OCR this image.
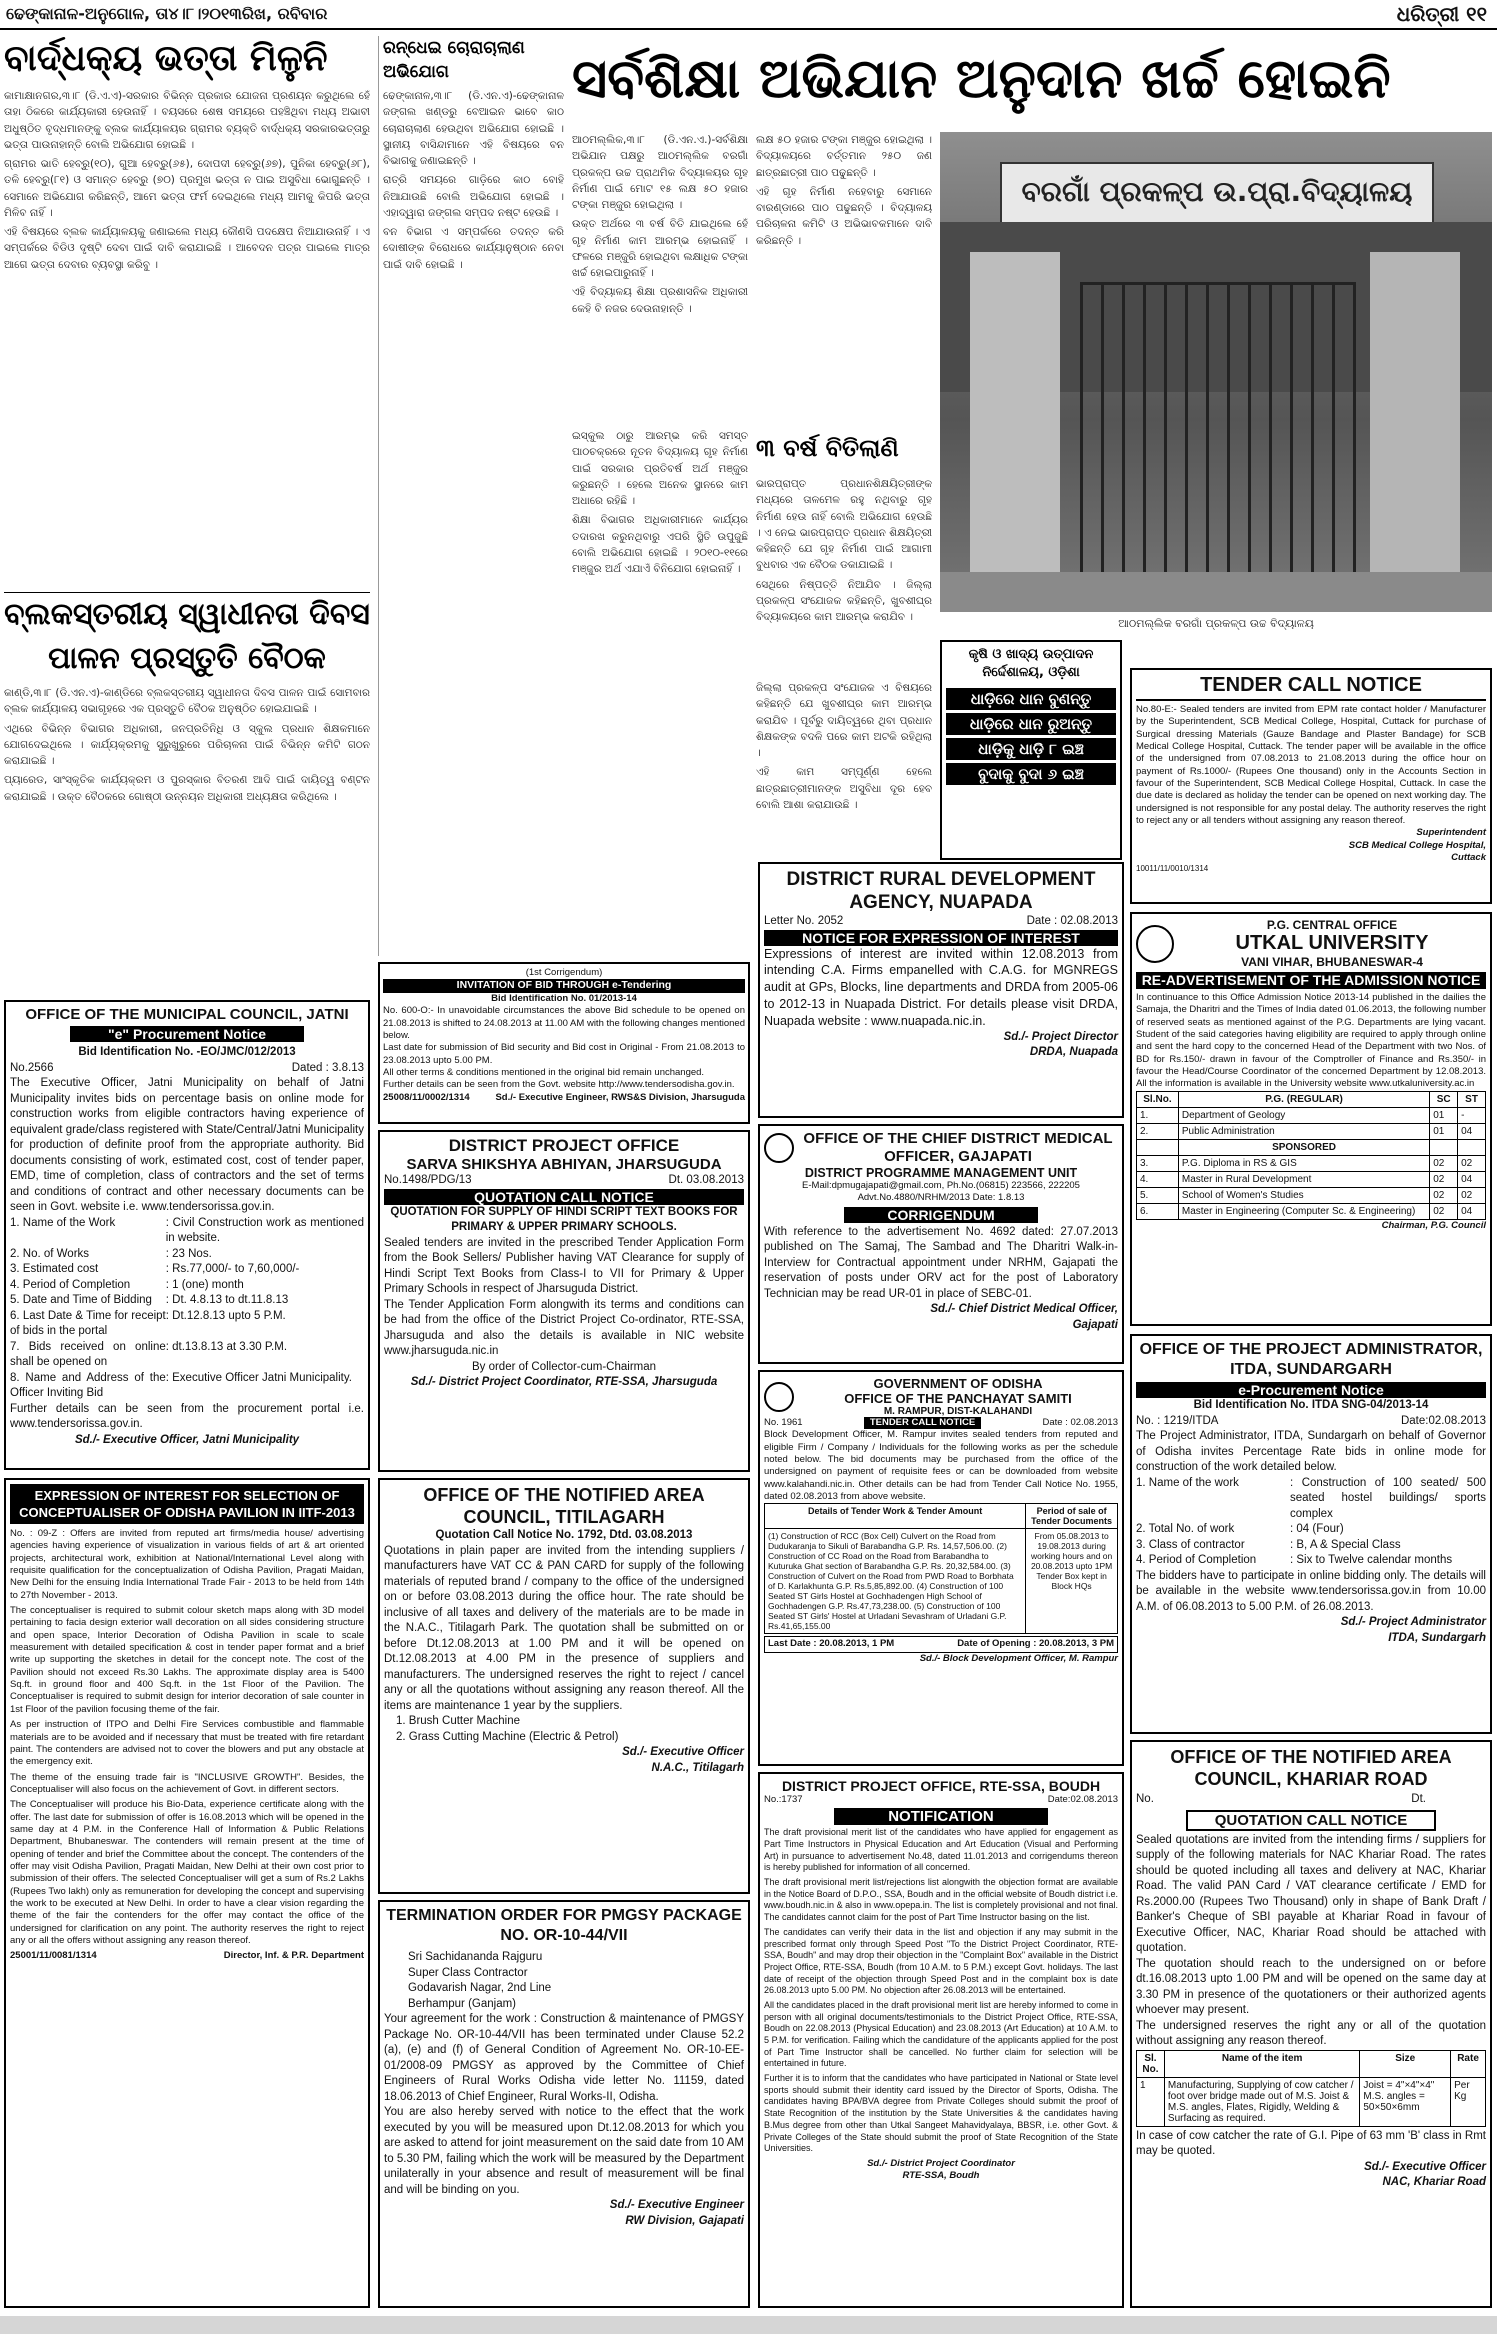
ଢେଙ୍କାନାଳ-ଅନୁଗୋଳ, ତା୪।୮।୨୦୧୩ରିଖ, ରବିବାର	ଧରିତ୍ରୀ ୧୧
ବାର୍ଦ୍ଧକ୍ୟ ଭତ୍ତା ମିଳୁନି

କାମାକ୍ଷାନଗର,୩।୮ (ଡି.ଏ.ଏ)-ସରକାର ବିଭିନ୍ନ ପ୍ରକାର ଯୋଜନା ପ୍ରଣୟନ କରୁଥିଲେ ହେଁ ତାହା ଠିକରେ କାର୍ଯ୍ୟକାରୀ ହେଉନାହିଁ । ବୟସରେ ଶେଷ ସମୟରେ ପହଞ୍ଚିଥିବା ମଧ୍ୟ ଅଭାବୀ ଅଧୁଷ୍ଠିତ ବୃଦ୍ଧମାନଙ୍କୁ ବ୍ଲକ କାର୍ଯ୍ୟାଳୟର ଗ୍ରାମର ବ୍ୟକ୍ତି ବାର୍ଦ୍ଧକ୍ୟ ସରକାରଭତ୍ତାରୁ ଭତ୍ତା ପାଉନାହାନ୍ତି ବୋଲି ଅଭିଯୋଗ ହୋଇଛି ।

ଗ୍ରାମର ଭାତି ହେବ୍ରୁ(୧୦), ଗୁଆ ହେବ୍ରୁ(୬୫), ଦୋପଦୀ ହେବ୍ରୁ(୬୭), ପୁନିକା ହେବ୍ରୁ(୬୮), ତଳି ହେବ୍ରୁ(୮୧) ଓ ସମାନ୍ତ ହେବ୍ରୁ (୭୦) ପ୍ରମୁଖ ଭତ୍ତା ନ ପାଇ ଅସୁବିଧା ଭୋଗୁଛନ୍ତି । ସେମାନେ ଅଭିଯୋଗ କରିଛନ୍ତି, ଆମେ ଭତ୍ତା ଫର୍ମ ଦେଇଥିଲେ ମଧ୍ୟ ଆମକୁ କିପରି ଭତ୍ତା ମିଳିବ ନାହିଁ ।

ଏହି ବିଷୟରେ ବ୍ଲକ କାର୍ଯ୍ୟାଳୟକୁ ଜଣାଇଲେ ମଧ୍ୟ କୌଣସି ପଦକ୍ଷେପ ନିଆଯାଉନାହିଁ । ଏ ସମ୍ପର୍କରେ ବିଡିଓ ଦୃଷ୍ଟି ଦେବା ପାଇଁ ଦାବି କରାଯାଇଛି । ଆବେଦନ ପତ୍ର ପାଇଲେ ମାତ୍ର ଆଗେ ଭତ୍ତା ଦେବାର ବ୍ୟବସ୍ଥା କରିବୁ ।

ବ୍ଲକସ୍ତରୀୟ ସ୍ୱାଧୀନତା ଦିବସ ପାଳନ ପ୍ରସ୍ତୁତି ବୈଠକ

କାଣ୍ଡି,୩।୮ (ଡି.ଏନ.ଏ)-କାଣ୍ଡିରେ ବ୍ଲକସ୍ତରୀୟ ସ୍ୱାଧୀନତା ଦିବସ ପାଳନ ପାଇଁ ସୋମବାର ବ୍ଲକ କାର୍ଯ୍ୟାଳୟ ସଭାଗୃହରେ ଏକ ପ୍ରସ୍ତୁତି ବୈଠକ ଅନୁଷ୍ଠିତ ହୋଇଯାଇଛି ।

ଏଥିରେ ବିଭିନ୍ନ ବିଭାଗର ଅଧିକାରୀ, ଜନପ୍ରତିନିଧି ଓ ସ୍କୁଲ ପ୍ରଧାନ ଶିକ୍ଷକମାନେ ଯୋଗଦେଇଥିଲେ । କାର୍ଯ୍ୟକ୍ରମକୁ ସୁରୁଖୁରୁରେ ପରିଚାଳନା ପାଇଁ ବିଭିନ୍ନ କମିଟି ଗଠନ କରାଯାଇଛି ।

ପ୍ୟାରେଡ, ସାଂସ୍କୃତିକ କାର୍ଯ୍ୟକ୍ରମ ଓ ପୁରସ୍କାର ବିତରଣ ଆଦି ପାଇଁ ଦାୟିତ୍ୱ ବଣ୍ଟନ କରାଯାଇଛି । ଉକ୍ତ ବୈଠକରେ ଗୋଷ୍ଠୀ ଉନ୍ନୟନ ଅଧିକାରୀ ଅଧ୍ୟକ୍ଷତା କରିଥିଲେ ।

ରନ୍ଧେଇ ଚୋରାଚାଲାଣ ଅଭିଯୋଗ

ଢେଙ୍କାନାଳ,୩।୮ (ଡି.ଏନ.ଏ)-ଢେଙ୍କାନାଳ ଜଙ୍ଗଲ ଖଣ୍ଡରୁ ବେଆଇନ ଭାବେ କାଠ ଚୋରାଚାଲାଣ ହେଉଥିବା ଅଭିଯୋଗ ହୋଇଛି । ସ୍ଥାନୀୟ ବାସିନ୍ଦାମାନେ ଏହି ବିଷୟରେ ବନ ବିଭାଗକୁ ଜଣାଇଛନ୍ତି ।

ରାତ୍ରି ସମୟରେ ଗାଡ଼ିରେ କାଠ ବୋହି ନିଆଯାଉଛି ବୋଲି ଅଭିଯୋଗ ହୋଇଛି । ଏହାଦ୍ୱାରା ଜଙ୍ଗଲ ସମ୍ପଦ ନଷ୍ଟ ହେଉଛି ।

ବନ ବିଭାଗ ଏ ସମ୍ପର୍କରେ ତଦନ୍ତ କରି ଦୋଷୀଙ୍କ ବିରୋଧରେ କାର୍ଯ୍ୟାନୁଷ୍ଠାନ ନେବା ପାଇଁ ଦାବି ହୋଇଛି ।

ସର୍ବଶିକ୍ଷା ଅଭିଯାନ ଅନୁଦାନ ଖର୍ଚ୍ଚ ହୋଇନି

ଆଠମଲ୍ଲିକ,୩।୮ (ଡି.ଏନ.ଏ.)-ସର୍ବଶିକ୍ଷା ଅଭିଯାନ ପକ୍ଷରୁ ଆଠମଲ୍ଲିକ ବରଗାଁ ପ୍ରକଳ୍ପ ଉଚ୍ଚ ପ୍ରାଥମିକ ବିଦ୍ୟାଳୟର ଗୃହ ନିର୍ମାଣ ପାଇଁ ମୋଟ ୧୫ ଲକ୍ଷ ୫୦ ହଜାର ଟଙ୍କା ମଞ୍ଜୁର ହୋଇଥିଲା ।

ଉକ୍ତ ଅର୍ଥରେ ୩ ବର୍ଷ ବିତି ଯାଇଥିଲେ ହେଁ ଗୃହ ନିର୍ମାଣ କାମ ଆରମ୍ଭ ହୋଇନାହିଁ । ଫଳରେ ମଞ୍ଜୁରି ହୋଇଥିବା ଲକ୍ଷାଧିକ ଟଙ୍କା ଖର୍ଚ୍ଚ ହୋଇପାରୁନାହିଁ ।

ଏହି ବିଦ୍ୟାଳୟ ଶିକ୍ଷା ପ୍ରଶାସନିକ ଅଧିକାରୀ କେହି ବି ନଜର ଦେଉନାହାନ୍ତି ।

ଲକ୍ଷ ୫୦ ହଜାର ଟଙ୍କା ମଞ୍ଜୁର ହୋଇଥିଲା । ବିଦ୍ୟାଳୟରେ ବର୍ତ୍ତମାନ ୨୫୦ ଜଣ ଛାତ୍ରଛାତ୍ରୀ ପାଠ ପଢୁଛନ୍ତି ।

ଏହି ଗୃହ ନିର୍ମାଣ ନହେବାରୁ ସେମାନେ ବାରଣ୍ଡାରେ ପାଠ ପଢୁଛନ୍ତି । ବିଦ୍ୟାଳୟ ପରିଚାଳନା କମିଟି ଓ ଅଭିଭାବକମାନେ ଦାବି କରିଛନ୍ତି ।

୩ ବର୍ଷ ବିତିଲାଣି

ଇସ୍କୁଲ ଠାରୁ ଆରମ୍ଭ କରି ସମସ୍ତ ପାଠଚକ୍ରରେ ନୂତନ ବିଦ୍ୟାଳୟ ଗୃହ ନିର୍ମାଣ ପାଇଁ ସରକାର ପ୍ରତିବର୍ଷ ଅର୍ଥ ମଞ୍ଜୁର କରୁଛନ୍ତି । ହେଲେ ଅନେକ ସ୍ଥାନରେ କାମ ଅଧାରେ ରହିଛି ।

ଶିକ୍ଷା ବିଭାଗର ଅଧିକାରୀମାନେ କାର୍ଯ୍ୟର ତଦାରଖ କରୁନଥିବାରୁ ଏପରି ସ୍ଥିତି ଉପୁଜୁଛି ବୋଲି ଅଭିଯୋଗ ହୋଇଛି । ୨୦୧୦-୧୧ରେ ମଞ୍ଜୁର ଅର୍ଥ ଏଯାଏଁ ବିନିଯୋଗ ହୋଇନାହିଁ ।

ଭାରପ୍ରାପ୍ତ ପ୍ରଧାନଶିକ୍ଷୟିତ୍ରୀଙ୍କ ମଧ୍ୟରେ ତାଳମେଳ ରହୁ ନଥିବାରୁ ଗୃହ ନିର୍ମାଣ ହେଉ ନାହିଁ ବୋଲି ଅଭିଯୋଗ ହେଉଛି । ଏ ନେଇ ଭାରପ୍ରାପ୍ତ ପ୍ରଧାନ ଶିକ୍ଷୟିତ୍ରୀ କହିଛନ୍ତି ଯେ ଗୃହ ନିର୍ମାଣ ପାଇଁ ଆଗାମୀ ବୁଧବାର ଏକ ବୈଠକ ଡକାଯାଇଛି ।

ସେଥିରେ ନିଷ୍ପତ୍ତି ନିଆଯିବ । ଜିଲ୍ଲା ପ୍ରକଳ୍ପ ସଂଯୋଜକ କହିଛନ୍ତି, ଖୁବଶୀଘ୍ର ବିଦ୍ୟାଳୟରେ କାମ ଆରମ୍ଭ କରାଯିବ ।

ବରଗାଁ ପ୍ରକଳ୍ପ ଉ.ପ୍ରା.ବିଦ୍ୟାଳୟ
ଆଠମଲ୍ଲିକ ବରଗାଁ ପ୍ରକଳ୍ପ ଉଚ୍ଚ ବିଦ୍ୟାଳୟ

ଜିଲ୍ଲା ପ୍ରକଳ୍ପ ସଂଯୋଜକ ଏ ବିଷୟରେ କହିଛନ୍ତି ଯେ ଖୁବଶୀଘ୍ର କାମ ଆରମ୍ଭ କରାଯିବ । ପୂର୍ବରୁ ଦାୟିତ୍ୱରେ ଥିବା ପ୍ରଧାନ ଶିକ୍ଷକଙ୍କ ବଦଳି ପରେ କାମ ଅଟକି ରହିଥିଲା ।

ଏହି କାମ ସମ୍ପୂର୍ଣ୍ଣ ହେଲେ ଛାତ୍ରଛାତ୍ରୀମାନଙ୍କ ଅସୁବିଧା ଦୂର ହେବ ବୋଲି ଆଶା କରାଯାଉଛି ।

କୃଷି ଓ ଖାଦ୍ୟ ଉତ୍ପାଦନ ନିର୍ଦ୍ଦେଶାଳୟ, ଓଡ଼ିଶା
ଧାଡ଼ିରେ ଧାନ ବୁଣନ୍ତୁ
ଧାଡ଼ିରେ ଧାନ ରୁଅନ୍ତୁ
ଧାଡ଼ିକୁ ଧାଡ଼ି ୮ ଇଞ୍ଚ
ବୁଦାକୁ ବୁଦା ୬ ଇଞ୍ଚ
TENDER CALL NOTICE
No.80-E:- Sealed tenders are invited from EPM rate contact holder / Manufacturer by the Superintendent, SCB Medical College, Hospital, Cuttack for purchase of Surgical dressing Materials (Gauze Bandage and Plaster Bandage) for SCB Medical College Hospital, Cuttack. The tender paper will be available in the office of the undersigned from 07.08.2013 to 21.08.2013 during the office hour on payment of Rs.1000/- (Rupees One thousand) only in the Accounts Section in favour of the Superintendent, SCB Medical College Hospital, Cuttack. In case the due date is declared as holiday the tender can be opened on next working day. The undersigned is not responsible for any postal delay. The authority reserves the right to reject any or all tenders without assigning any reason thereof.
Superintendent
SCB Medical College Hospital,
Cuttack
10011/11/0010/1314
OFFICE OF THE MUNICIPAL COUNCIL, JATNI
"e" Procurement Notice
Bid Identification No. -EO/JMC/012/2013
No.2566	Dated : 3.8.13
The Executive Officer, Jatni Municipality on behalf of Jatni Municipality invites bids on percentage basis on online mode for construction works from eligible contractors having experience of equivalent grade/class registered with State/Central/Jatni Municipality for production of definite proof from the appropriate authority. Bid documents consisting of work, estimated cost, cost of tender paper, EMD, time of completion, class of contractors and the set of terms and conditions of contract and other necessary documents can be seen in Govt. website i.e. www.tendersorissa.gov.in.
1. Name of the Work	: Civil Construction work as mentioned in website.
2. No. of Works	: 23 Nos.
3. Estimated cost	: Rs.77,000/- to 7,60,000/-
4. Period of Completion	: 1 (one) month
5. Date and Time of Bidding	: Dt. 4.8.13 to dt.11.8.13
6. Last Date & Time for receipt of bids in the portal
: Dt.12.8.13 upto 5 P.M.
7. Bids received on online shall be opened on
: dt.13.8.13 at 3.30 P.M.
8. Name and Address of the Officer Inviting Bid
: Executive Officer Jatni Municipality.
Further details can be seen from the procurement portal i.e. www.tendersorissa.gov.in.
Sd./- Executive Officer, Jatni Municipality
EXPRESSION OF INTEREST FOR SELECTION OF CONCEPTUALISER OF ODISHA PAVILION IN IITF-2013

No. : 09-Z : Offers are invited from reputed art firms/media house/ advertising agencies having experience of visualization in various fields of art & art oriented projects, architectural work, exhibition at National/International Level along with requisite qualification for the conceptualization of Odisha Pavilion, Pragati Maidan, New Delhi for the ensuing India International Trade Fair - 2013 to be held from 14th to 27th November - 2013.

The conceptualiser is required to submit colour sketch maps along with 3D model pertaining to facia design exterior wall decoration on all sides considering structure and open space, Interior Decoration of Odisha Pavilion in scale to scale measurement with detailed specification & cost in tender paper format and a brief write up supporting the sketches in detail for the concept note. The cost of the Pavilion should not exceed Rs.30 Lakhs. The approximate display area is 5400 Sq.ft. in ground floor and 400 Sq.ft. in the 1st Floor of the Pavilion. The Conceptualiser is required to submit design for interior decoration of sale counter in 1st Floor of the pavilion focusing theme of the fair.

As per instruction of ITPO and Delhi Fire Services combustible and flammable materials are to be avoided and if necessary that must be treated with fire retardant paint. The contenders are advised not to cover the blowers and put any obstacle at the emergency exit.

The theme of the ensuing trade fair is "INCLUSIVE GROWTH". Besides, the Conceptualiser will also focus on the achievement of Govt. in different sectors.

The Conceptualiser will produce his Bio-Data, experience certificate along with the offer. The last date for submission of offer is 16.08.2013 which will be opened in the same day at 4 P.M. in the Conference Hall of Information & Public Relations Department, Bhubaneswar. The contenders will remain present at the time of opening of tender and brief the Committee about the concept. The contenders of the offer may visit Odisha Pavilion, Pragati Maidan, New Delhi at their own cost prior to submission of their offers. The selected Conceptualiser will get a sum of Rs.2 Lakhs (Rupees Two lakh) only as remuneration for developing the concept and supervising the work to be executed at New Delhi. In order to have a clear vision regarding the theme of the fair the contenders for the offer may contact the office of the undersigned for clarification on any point. The authority reserves the right to reject any or all the offers without assigning any reason thereof.

25001/11/0081/1314	Director, Inf. & P.R. Department
(1st Corrigendum)
INVITATION OF BID THROUGH e-Tendering
Bid Identification No. 01/2013-14
No. 600-O:- In unavoidable circumstances the above Bid schedule to be opened on 21.08.2013 is shifted to 24.08.2013 at 11.00 AM with the following changes mentioned below.
Last date for submission of Bid security and Bid cost in Original - From 21.08.2013 to 23.08.2013 upto 5.00 PM.
All other terms & conditions mentioned in the original bid remain unchanged.
Further details can be seen from the Govt. website http://www.tendersodisha.gov.in.
25008/11/0002/1314	Sd./- Executive Engineer, RWS&S Division, Jharsuguda
DISTRICT PROJECT OFFICE
SARVA SHIKSHYA ABHIYAN, JHARSUGUDA
No.1498/PDG/13	Dt. 03.08.2013
QUOTATION CALL NOTICE
QUOTATION FOR SUPPLY OF HINDI SCRIPT TEXT BOOKS FOR PRIMARY & UPPER PRIMARY SCHOOLS.
Sealed tenders are invited in the prescribed Tender Application Form from the Book Sellers/ Publisher having VAT Clearance for supply of Hindi Script Text Books from Class-I to VII for Primary & Upper Primary Schools in respect of Jharsuguda District.
The Tender Application Form alongwith its terms and conditions can be had from the office of the District Project Co-ordinator, RTE-SSA, Jharsuguda and also the details is available in NIC website www.jharsuguda.nic.in
By order of Collector-cum-Chairman
Sd./- District Project Coordinator, RTE-SSA, Jharsuguda
OFFICE OF THE NOTIFIED AREA COUNCIL, TITILAGARH
Quotation Call Notice No. 1792, Dtd. 03.08.2013
Quotations in plain paper are invited from the intending suppliers / manufacturers have VAT CC & PAN CARD for supply of the following materials of reputed brand / company to the office of the undersigned on or before 03.08.2013 during the office hour. The rate should be inclusive of all taxes and delivery of the materials are to be made in the N.A.C., Titilagarh Park. The quotation shall be submitted on or before Dt.12.08.2013 at 1.00 PM and it will be opened on Dt.12.08.2013 at 4.00 PM in the presence of suppliers and manufacturers. The undersigned reserves the right to reject / cancel any or all the quotations without assigning any reason thereof. All the items are maintenance 1 year by the suppliers.
1. Brush Cutter Machine
2. Grass Cutting Machine (Electric & Petrol)
Sd./- Executive Officer
N.A.C., Titilagarh
TERMINATION ORDER FOR PMGSY PACKAGE NO. OR-10-44/VII
Sri Sachidananda Rajguru
Super Class Contractor
Godavarish Nagar, 2nd Line
Berhampur (Ganjam)
Your agreement for the work : Construction & maintenance of PMGSY Package No. OR-10-44/VII has been terminated under Clause 52.2 (a), (e) and (f) of General Condition of Agreement No. OR-10-EE-01/2008-09 PMGSY as approved by the Committee of Chief Engineers of Rural Works Odisha vide letter No. 11159, dated 18.06.2013 of Chief Engineer, Rural Works-II, Odisha.
You are also hereby served with notice to the effect that the work executed by you will be measured upon Dt.12.08.2013 for which you are asked to attend for joint measurement on the said date from 10 AM to 5.30 PM, failing which the work will be measured by the Department unilaterally in your absence and result of measurement will be final and will be binding on you.
Sd./- Executive Engineer
RW Division, Gajapati
DISTRICT RURAL DEVELOPMENT AGENCY, NUAPADA
Letter No. 2052	Date : 02.08.2013
NOTICE FOR EXPRESSION OF INTEREST
Expressions of interest are invited within 12.08.2013 from intending C.A. Firms empanelled with C.A.G. for MGNREGS audit at GPs, Blocks, line departments and DRDA from 2005-06 to 2012-13 in Nuapada District. For details please visit DRDA, Nuapada website : www.nuapada.nic.in.
Sd./- Project Director
DRDA, Nuapada
OFFICE OF THE CHIEF DISTRICT MEDICAL OFFICER, GAJAPATI
DISTRICT PROGRAMME MANAGEMENT UNIT
E-Mail:dpmugajapati@gmail.com, Ph.No.(06815) 223566, 222205
Advt.No.4880/NRHM/2013 Date: 1.8.13
CORRIGENDUM
With reference to the advertisement No. 4692 dated: 27.07.2013 published on The Samaj, The Sambad and The Dharitri Walk-in-Interview for Contractual appointment under NRHM, Gajapati the reservation of posts under ORV act for the post of Laboratory Technician may be read UR-01 in place of SEBC-01.
Sd./- Chief District Medical Officer,
Gajapati
GOVERNMENT OF ODISHA
OFFICE OF THE PANCHAYAT SAMITI
M. RAMPUR, DIST-KALAHANDI
No. 1961	TENDER CALL NOTICE	Date : 02.08.2013
Block Development Officer, M. Rampur invites sealed tenders from reputed and eligible Firm / Company / Individuals for the following works as per the schedule noted below. The bid documents may be purchased from the office of the undersigned on payment of requisite fees or can be downloaded from website www.kalahandi.nic.in. Other details can be had from Tender Call Notice No. 1955, dated 02.08.2013 from above website.
Details of Tender Work & Tender Amount	Period of sale of Tender Documents
(1) Construction of RCC (Box Cell) Culvert on the Road from Dudukaranja to Sikuli of Barabandha G.P. Rs. 14,57,506.00. (2) Construction of CC Road on the Road from Barabandha to Kuturuka Ghat section of Barabandha G.P. Rs. 20,32,584.00. (3) Construction of Culvert on the Road from PWD Road to Borbhata of D. Karlakhunta G.P. Rs.5,85,892.00. (4) Construction of 100 Seated ST Girls Hostel at Gochhadengen High School of Gochhadengen G.P. Rs.47,73,238.00. (5) Construction of 100 Seated ST Girls' Hostel at Urladani Sevashram of Urladani G.P. Rs.41,65,155.00	From 05.08.2013 to 19.08.2013 during working hours and on 20.08.2013 upto 1PM Tender Box kept in Block HQs
Last Date : 20.08.2013, 1 PM	Date of Opening : 20.08.2013, 3 PM
Sd./- Block Development Officer, M. Rampur
DISTRICT PROJECT OFFICE, RTE-SSA, BOUDH
No.:1737	Date:02.08.2013
NOTIFICATION

The draft provisional merit list of the candidates who have applied for engagement as Part Time Instructors in Physical Education and Art Education (Visual and Performing Art) in pursuance to advertisement No.48, dated 11.01.2013 and corrigendums thereon is hereby published for information of all concerned.

The draft provisional merit list/rejections list alongwith the objection format are available in the Notice Board of D.P.O., SSA, Boudh and in the official website of Boudh district i.e. www.boudh.nic.in & also in www.opepa.in. The list is completely provisional and not final. The candidates cannot claim for the post of Part Time Instructor basing on the list.

The candidates can verify their data in the list and objection if any may submit in the prescribed format only through Speed Post "To the District Project Coordinator, RTE-SSA, Boudh" and may drop their objection in the "Complaint Box" available in the District Project Office, RTE-SSA, Boudh (from 10 A.M. to 5 P.M.) except Govt. holidays. The last date of receipt of the objection through Speed Post and in the complaint box is date 26.08.2013 upto 5.00 PM. No objection after 26.08.2013 will be entertained.

All the candidates placed in the draft provisional merit list are hereby informed to come in person with all original documents/testimonials to the District Project Office, RTE-SSA, Boudh on 22.08.2013 (Physical Education) and 23.08.2013 (Art Education) at 10 A.M. to 5 P.M. for verification. Failing which the candidature of the applicants applied for the post of Part Time Instructor shall be cancelled. No further claim for selection will be entertained in future.

Further it is to inform that the candidates who have participated in National or State level sports should submit their identity card issued by the Director of Sports, Odisha. The candidates having BPA/BVA degree from Private Colleges should submit the proof of State Recognition of the institution by the State Universities & the candidates having B.Mus degree from other than Utkal Sangeet Mahavidyalaya, BBSR, i.e. other Govt. & Private Colleges of the State should submit the proof of State Recognition of the State Universities.

Sd./- District Project Coordinator
RTE-SSA, Boudh
P.G. CENTRAL OFFICE
UTKAL UNIVERSITY
VANI VIHAR, BHUBANESWAR-4
RE-ADVERTISEMENT OF THE ADMISSION NOTICE
In continuance to this Office Admission Notice 2013-14 published in the dailies the Samaja, the Dharitri and the Times of India dated 01.06.2013, the following number of reserved seats as mentioned against of the P.G. Departments are lying vacant. Student of the said categories having eligibility are required to apply through online and sent the hard copy to the concerned Head of the Department with two Nos. of BD for Rs.150/- drawn in favour of the Comptroller of Finance and Rs.350/- in favour the Head/Course Coordinator of the concerned Department by 12.08.2013. All the information is available in the University website www.utkaluniversity.ac.in
Sl.No.	P.G. (REGULAR)	SC	ST
1.	Department of Geology	01	-
2.	Public Administration	01	04
	SPONSORED		
3.	P.G. Diploma in RS & GIS	02	02
4.	Master in Rural Development	02	04
5.	School of Women's Studies	02	02
6.	Master in Engineering (Computer Sc. & Engineering)	02	04
Chairman, P.G. Council
OFFICE OF THE PROJECT ADMINISTRATOR, ITDA, SUNDARGARH
e-Procurement Notice
Bid Identification No. ITDA SNG-04/2013-14
No. : 1219/ITDA	Date:02.08.2013
The Project Administrator, ITDA, Sundargarh on behalf of Governor of Odisha invites Percentage Rate bids in online mode for construction of the work detailed below.
1. Name of the work	: Construction of 100 seated/ 500 seated hostel buildings/ sports complex
2. Total No. of work	: 04 (Four)
3. Class of contractor	: B, A & Special Class
4. Period of Completion	: Six to Twelve calendar months
The bidders have to participate in online bidding only. The details will be available in the website www.tendersorissa.gov.in from 10.00 A.M. of 06.08.2013 to 5.00 P.M. of 26.08.2013.
Sd./- Project Administrator
ITDA, Sundargarh
OFFICE OF THE NOTIFIED AREA COUNCIL, KHARIAR ROAD
No.	Dt.
QUOTATION CALL NOTICE
Sealed quotations are invited from the intending firms / suppliers for supply of the following materials for NAC Khariar Road. The rates should be quoted including all taxes and delivery at NAC, Khariar Road. The valid PAN Card / VAT clearance certificate / EMD for Rs.2000.00 (Rupees Two Thousand) only in shape of Bank Draft / Banker's Cheque of SBI payable at Khariar Road in favour of Executive Officer, NAC, Khariar Road should be attached with quotation.
The quotation should reach to the undersigned on or before dt.16.08.2013 upto 1.00 PM and will be opened on the same day at 3.30 PM in presence of the quotationers or their authorized agents whoever may present.
The undersigned reserves the right any or all of the quotation without assigning any reason thereof.
Sl. No.	Name of the item	Size	Rate
1	Manufacturing, Supplying of cow catcher / foot over bridge made out of M.S. Joist & M.S. angles, Flates, Rigidly, Welding & Surfacing as required.	Joist = 4"×4"×4" M.S. angles = 50×50×6mm	Per Kg
In case of cow catcher the rate of G.I. Pipe of 63 mm 'B' class in Rmt may be quoted.
Sd./- Executive Officer
NAC, Khariar Road
